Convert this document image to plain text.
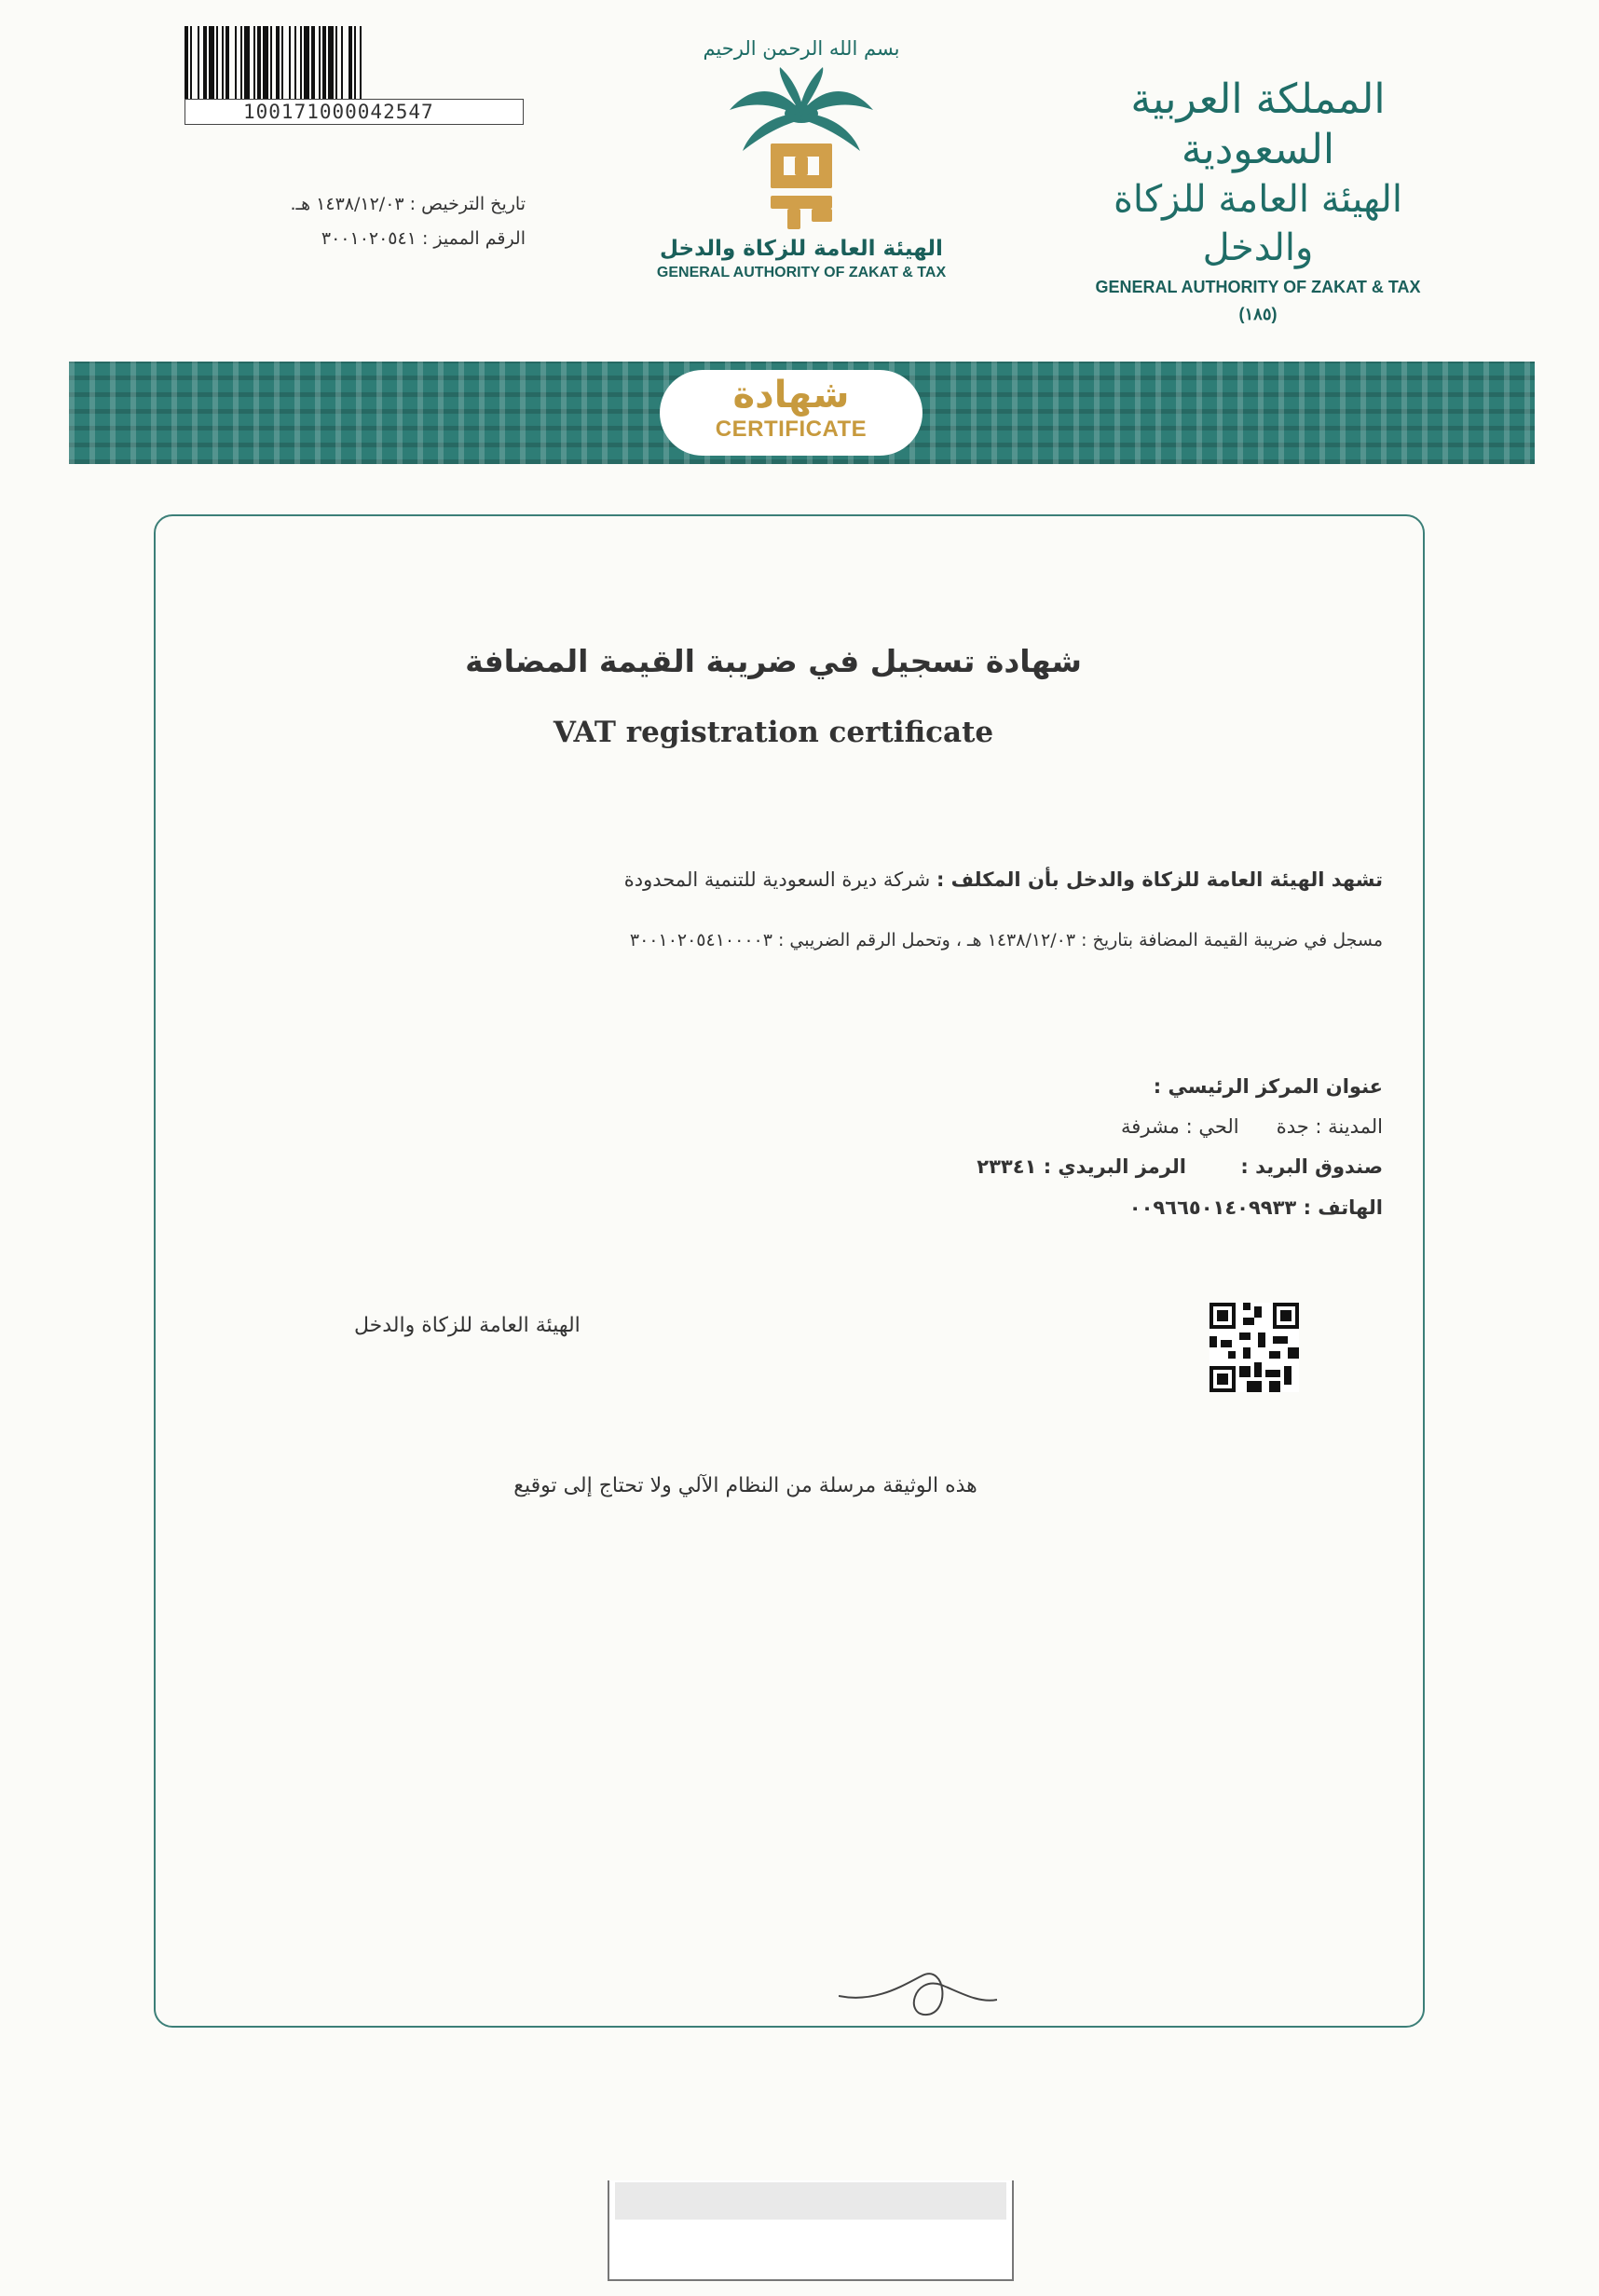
100171000042547
تاريخ الترخيص : ١٤٣٨/١٢/٠٣ هـ.
الرقم المميز : ٣٠٠١٠٢٠٥٤١
بسم الله الرحمن الرحيم
الهيئة العامة للزكاة والدخل
GENERAL AUTHORITY OF ZAKAT & TAX
المملكة العربية السعودية
الهيئة العامة للزكاة والدخل
GENERAL AUTHORITY OF ZAKAT & TAX
(١٨٥)
شهادة
CERTIFICATE
شهادة تسجيل في ضريبة القيمة المضافة
VAT registration certificate
تشهد الهيئة العامة للزكاة والدخل بأن المكلف : شركة ديرة السعودية للتنمية المحدودة
مسجل في ضريبة القيمة المضافة بتاريخ : ١٤٣٨/١٢/٠٣ هـ ، وتحمل الرقم الضريبي : ٣٠٠١٠٢٠٥٤١٠٠٠٠٣
عنوان المركز الرئيسي :
المدينة : جدة      الحي : مشرفة
صندوق البريد :        الرمز البريدي : ٢٣٣٤١
الهاتف : ٠٠٩٦٦٥٠١٤٠٩٩٣٣
الهيئة العامة للزكاة والدخل
هذه الوثيقة مرسلة من النظام الآلي ولا تحتاج إلى توقيع
